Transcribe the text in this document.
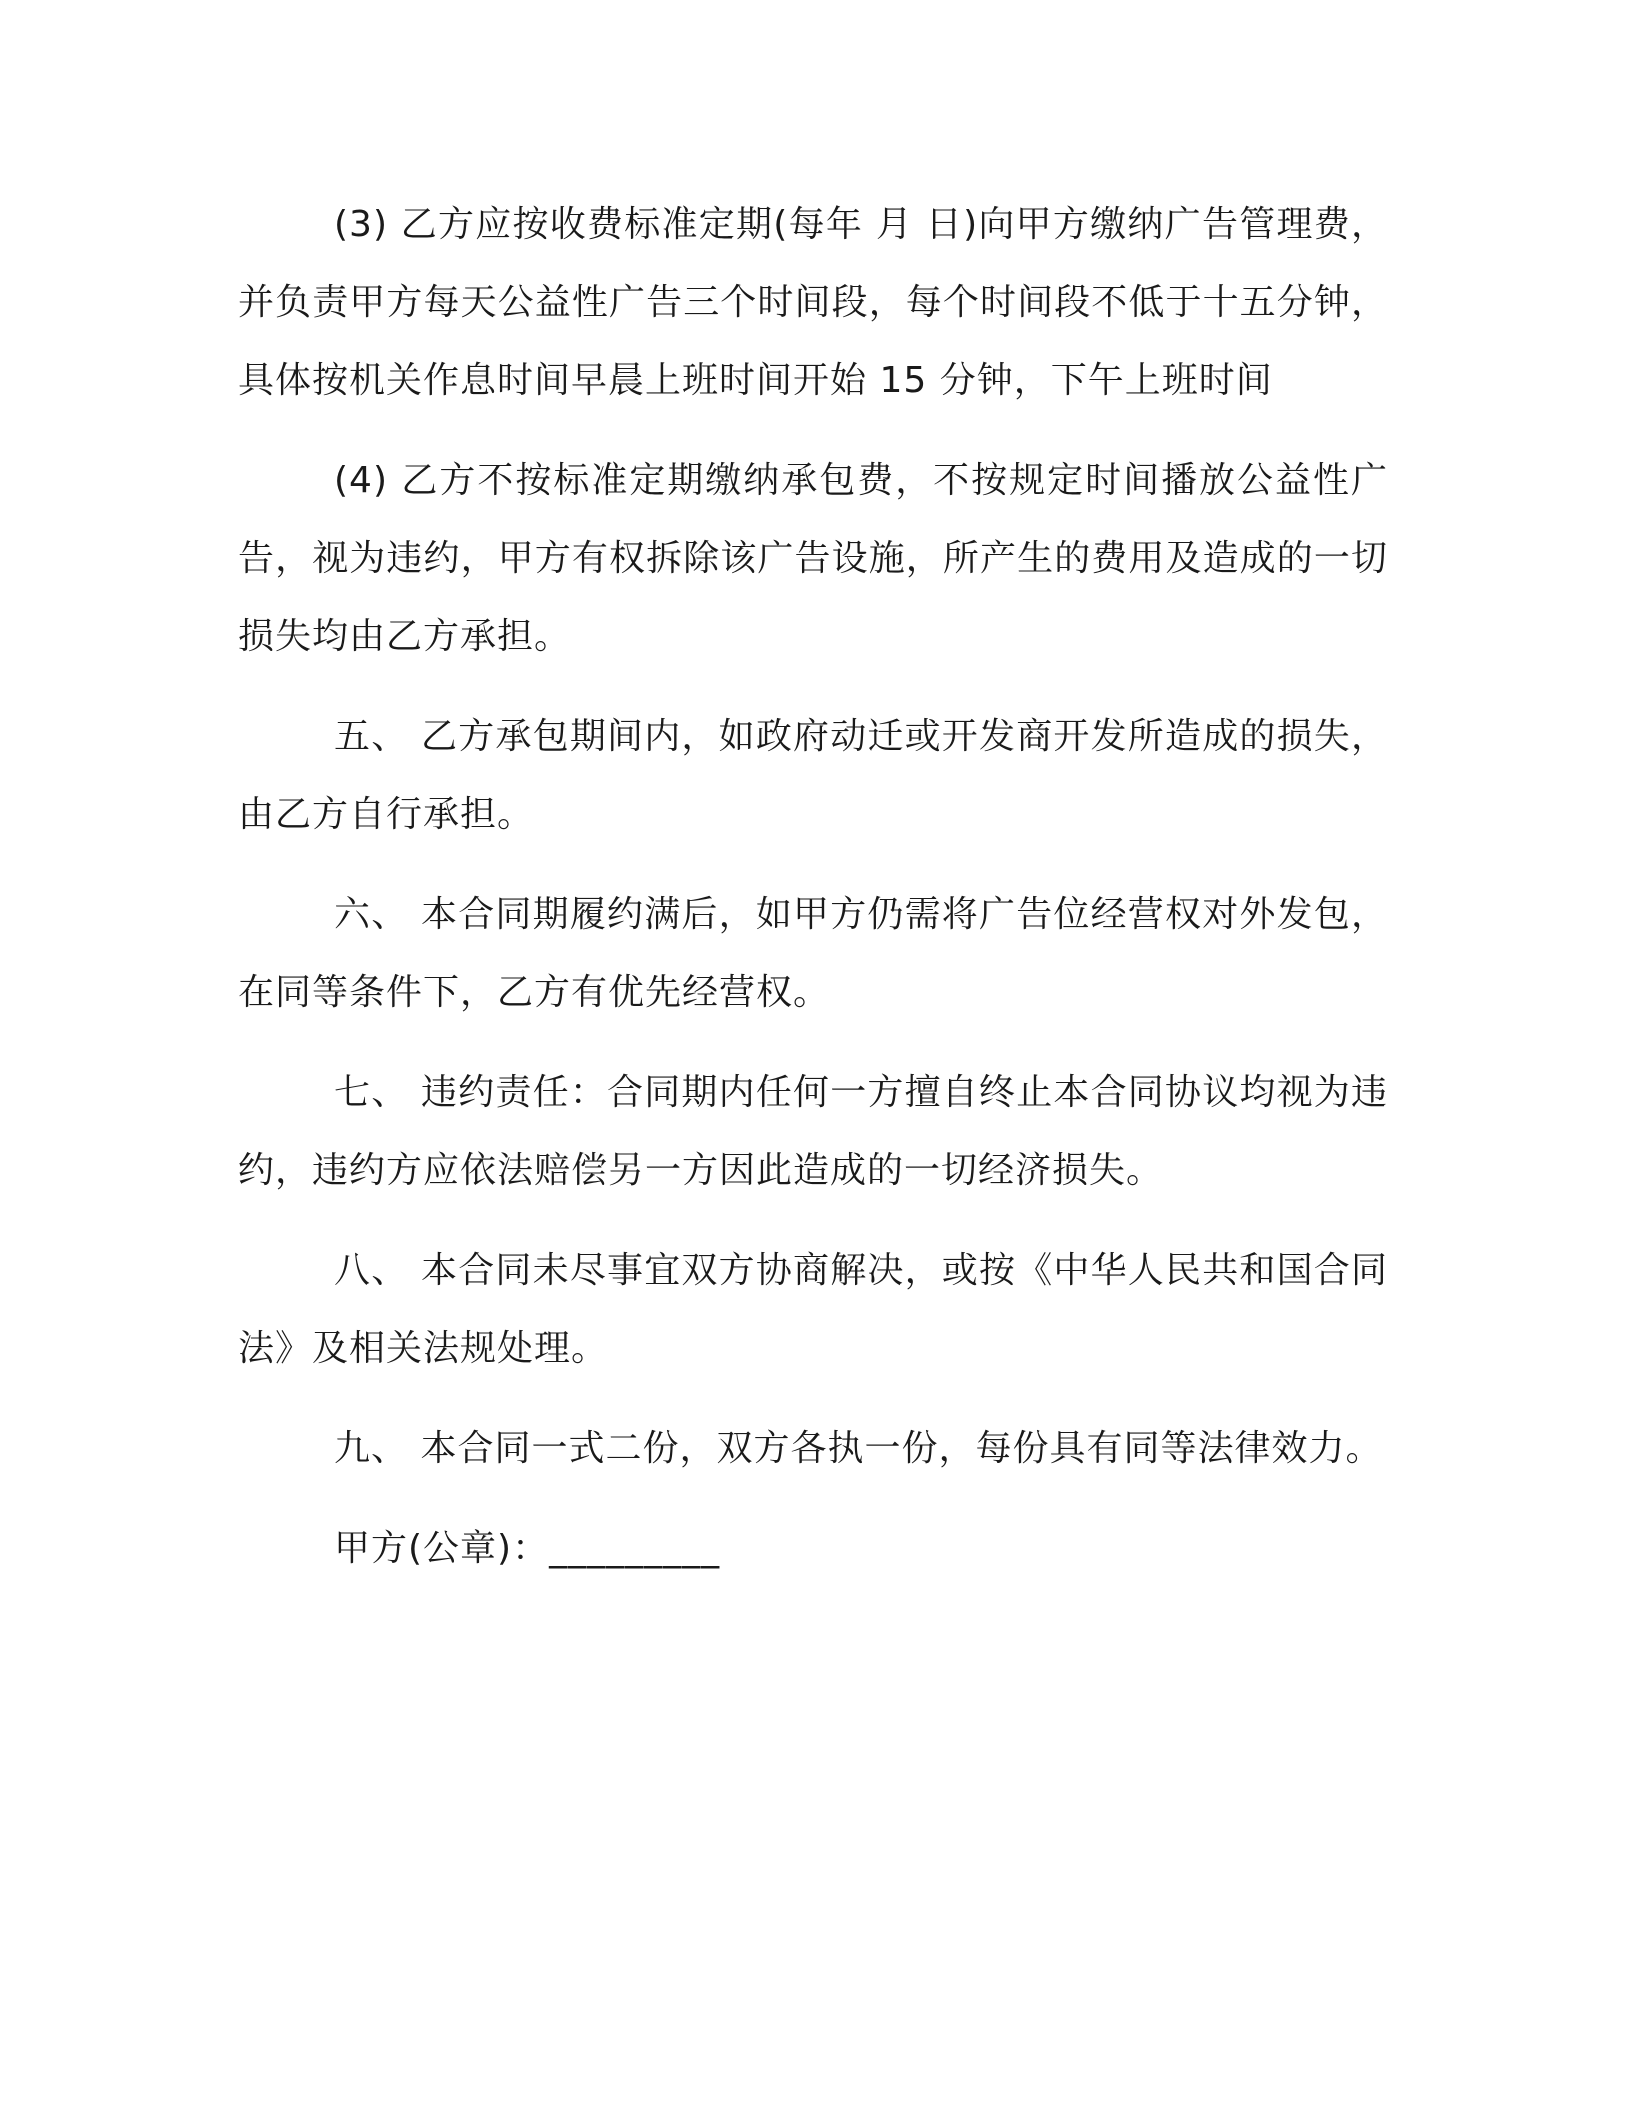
(3) 乙方应按收费标准定期(每年 月 日)向甲方缴纳广告管理费，并负责甲方每天公益性广告三个时间段，每个时间段不低于十五分钟，具体按机关作息时间早晨上班时间开始 15 分钟，下午上班时间

(4) 乙方不按标准定期缴纳承包费，不按规定时间播放公益性广告，视为违约，甲方有权拆除该广告设施，所产生的费用及造成的一切损失均由乙方承担。

五、 乙方承包期间内，如政府动迁或开发商开发所造成的损失，由乙方自行承担。

六、 本合同期履约满后，如甲方仍需将广告位经营权对外发包，在同等条件下，乙方有优先经营权。

七、 违约责任：合同期内任何一方擅自终止本合同协议均视为违约，违约方应依法赔偿另一方因此造成的一切经济损失。

八、 本合同未尽事宜双方协商解决，或按《中华人民共和国合同法》及相关法规处理。

九、 本合同一式二份，双方各执一份，每份具有同等法律效力。

甲方(公章)：_________
